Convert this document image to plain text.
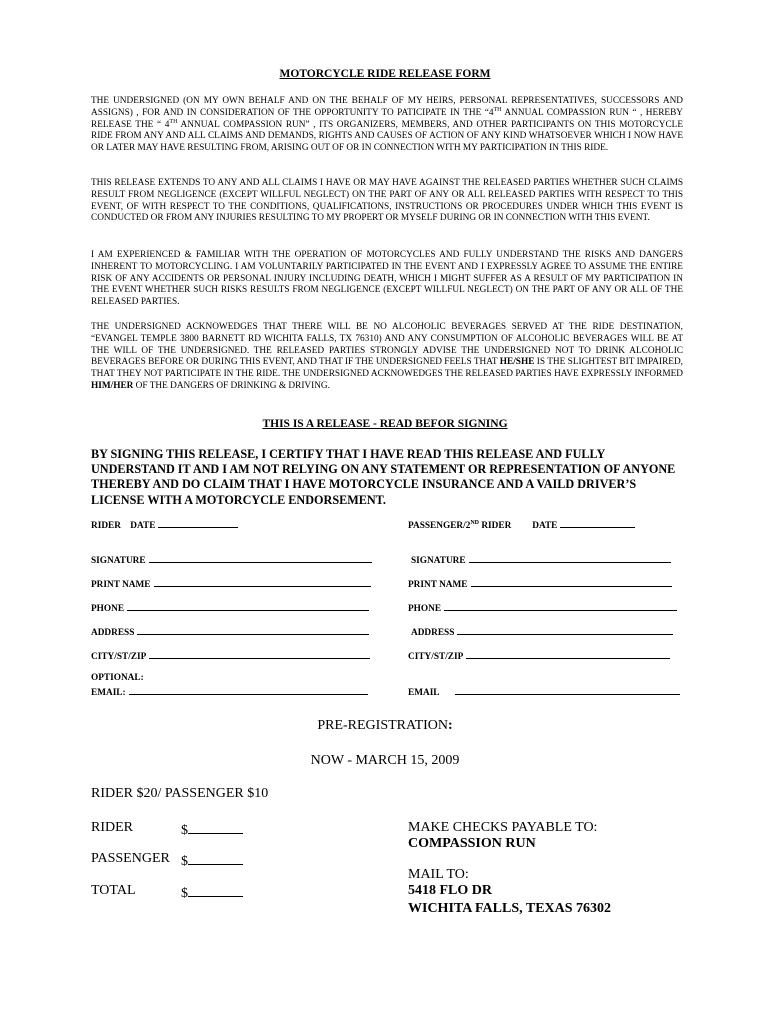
MOTORCYCLE RIDE RELEASE FORM
THE UNDERSIGNED (ON MY OWN BEHALF AND ON THE BEHALF OF MY HEIRS, PERSONAL REPRESENTATIVES, SUCCESSORS AND ASSIGNS) , FOR AND IN CONSIDERATION OF THE OPPORTUNITY TO PATICIPATE IN THE “4TH ANNUAL COMPASSION RUN “ , HEREBY RELEASE THE “ 4TH ANNUAL COMPASSION RUN” , ITS ORGANIZERS, MEMBERS, AND OTHER PARTICIPANTS ON THIS MOTORCYCLE RIDE FROM ANY AND ALL CLAIMS AND DEMANDS, RIGHTS AND CAUSES OF ACTION OF ANY KIND WHATSOEVER WHICH I NOW HAVE OR LATER MAY HAVE RESULTING FROM, ARISING OUT OF OR IN CONNECTION WITH MY PARTICIPATION IN THIS RIDE.
THIS RELEASE EXTENDS TO ANY AND ALL CLAIMS I HAVE OR MAY HAVE AGAINST THE RELEASED PARTIES WHETHER SUCH CLAIMS RESULT FROM NEGLIGENCE (EXCEPT WILLFUL NEGLECT) ON THE PART OF ANY OR ALL RELEASED PARTIES WITH RESPECT TO THIS EVENT, OF WITH RESPECT TO THE CONDITIONS, QUALIFICATIONS, INSTRUCTIONS OR PROCEDURES UNDER WHICH THIS EVENT IS CONDUCTED OR FROM ANY INJURIES RESULTING TO MY PROPERT OR MYSELF DURING OR IN CONNECTION WITH THIS EVENT.
I AM EXPERIENCED & FAMILIAR WITH THE OPERATION OF MOTORCYCLES AND FULLY UNDERSTAND THE RISKS AND DANGERS INHERENT TO MOTORCYCLING. I AM VOLUNTARILY PARTICIPATED IN THE EVENT AND I EXPRESSLY AGREE TO ASSUME THE ENTIRE RISK OF ANY ACCIDENTS OR PERSONAL INJURY INCLUDING DEATH, WHICH I MIGHT SUFFER AS A RESULT OF MY PARTICIPATION IN THE EVENT WHETHER SUCH RISKS RESULTS FROM NEGLIGENCE (EXCEPT WILLFUL NEGLECT) ON THE PART OF ANY OR ALL OF THE RELEASED PARTIES.
THE UNDERSIGNED ACKNOWEDGES THAT THERE WILL BE NO ALCOHOLIC BEVERAGES SERVED AT THE RIDE DESTINATION, “EVANGEL TEMPLE 3800 BARNETT RD WICHITA FALLS, TX 76310) AND ANY CONSUMPTION OF ALCOHOLIC BEVERAGES WILL BE AT THE WILL OF THE UNDERSIGNED. THE RELEASED PARTIES STRONGLY ADVISE THE UNDERSIGNED NOT TO DRINK ALCOHOLIC BEVERAGES BEFORE OR DURING THIS EVENT, AND THAT IF THE UNDERSIGNED FEELS THAT HE/SHE IS THE SLIGHTEST BIT IMPAIRED, THAT THEY NOT PARTICIPATE IN THE RIDE. THE UNDERSIGNED ACKNOWEDGES THE RELEASED PARTIES HAVE EXPRESSLY INFORMED HIM/HER OF THE DANGERS OF DRINKING & DRIVING.
THIS IS A RELEASE - READ BEFOR SIGNING
BY SIGNING THIS RELEASE, I CERTIFY THAT I HAVE READ THIS RELEASE AND FULLY UNDERSTAND IT AND I AM NOT RELYING ON ANY STATEMENT OR REPRESENTATION OF ANYONE THEREBY AND DO CLAIM THAT I HAVE MOTORCYCLE INSURANCE AND A VAILD DRIVER’S LICENSE WITH A MOTORCYCLE ENDORSEMENT.
RIDER DATE	PASSENGER/2ND RIDER DATE
SIGNATURE	SIGNATURE
PRINT NAME	PRINT NAME
PHONE	PHONE
ADDRESS	ADDRESS
CITY/ST/ZIP	CITY/ST/ZIP
OPTIONAL:
EMAIL:	EMAIL
PRE-REGISTRATION:
NOW - MARCH 15, 2009
RIDER $20/ PASSENGER $10
RIDER	$
PASSENGER $
TOTAL	$
MAKE CHECKS PAYABLE TO:
COMPASSION RUN
MAIL TO:
5418 FLO DR
WICHITA FALLS, TEXAS 76302
